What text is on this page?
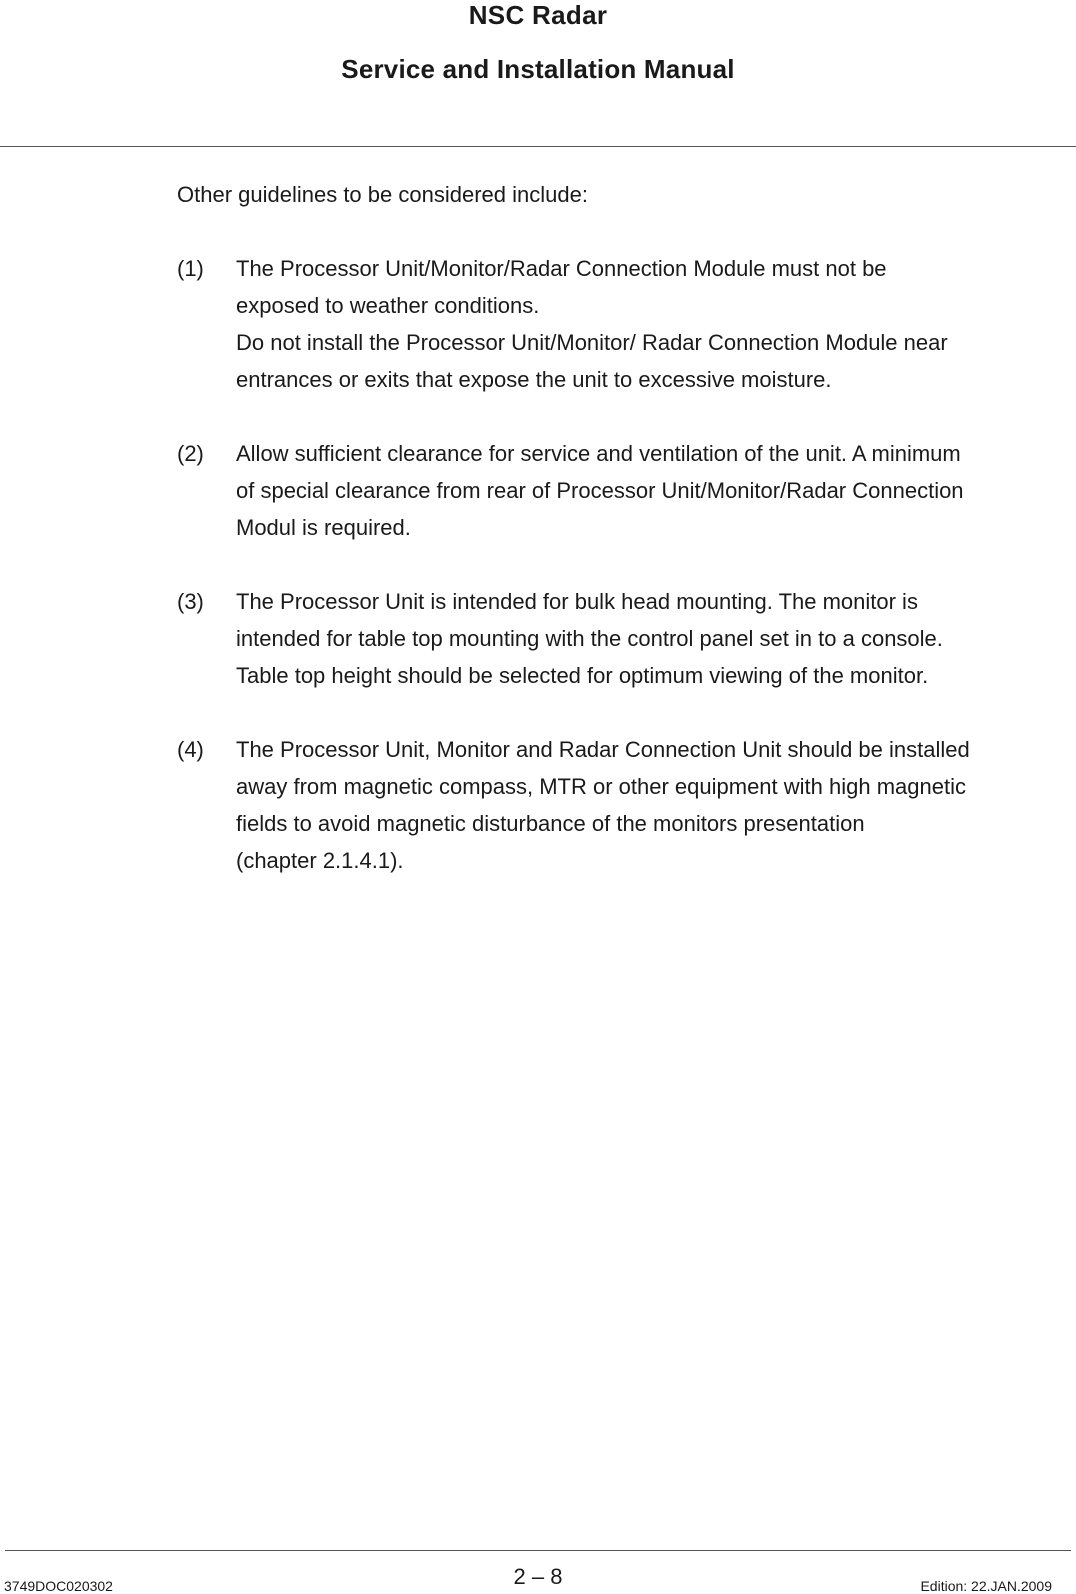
NSC Radar
Service and Installation Manual
Other guidelines to be considered include:
(1)	The Processor Unit/Monitor/Radar Connection Module must not be
exposed to weather conditions.
Do not install the Processor Unit/Monitor/ Radar Connection Module near
entrances or exits that expose the unit to excessive moisture.
(2)	Allow sufficient clearance for service and ventilation of the unit. A minimum
of special clearance from rear of Processor Unit/Monitor/Radar Connection
Modul is required.
(3)	The Processor Unit is intended for bulk head mounting. The monitor is
intended for table top mounting with the control panel set in to a console.
Table top height should be selected for optimum viewing of the monitor.
(4)	The Processor Unit, Monitor and Radar Connection Unit should be installed
away from magnetic compass, MTR or other equipment with high magnetic
fields to avoid magnetic disturbance of the monitors presentation
(chapter 2.1.4.1).
3749DOC020302	2 – 8	Edition: 22.JAN.2009
